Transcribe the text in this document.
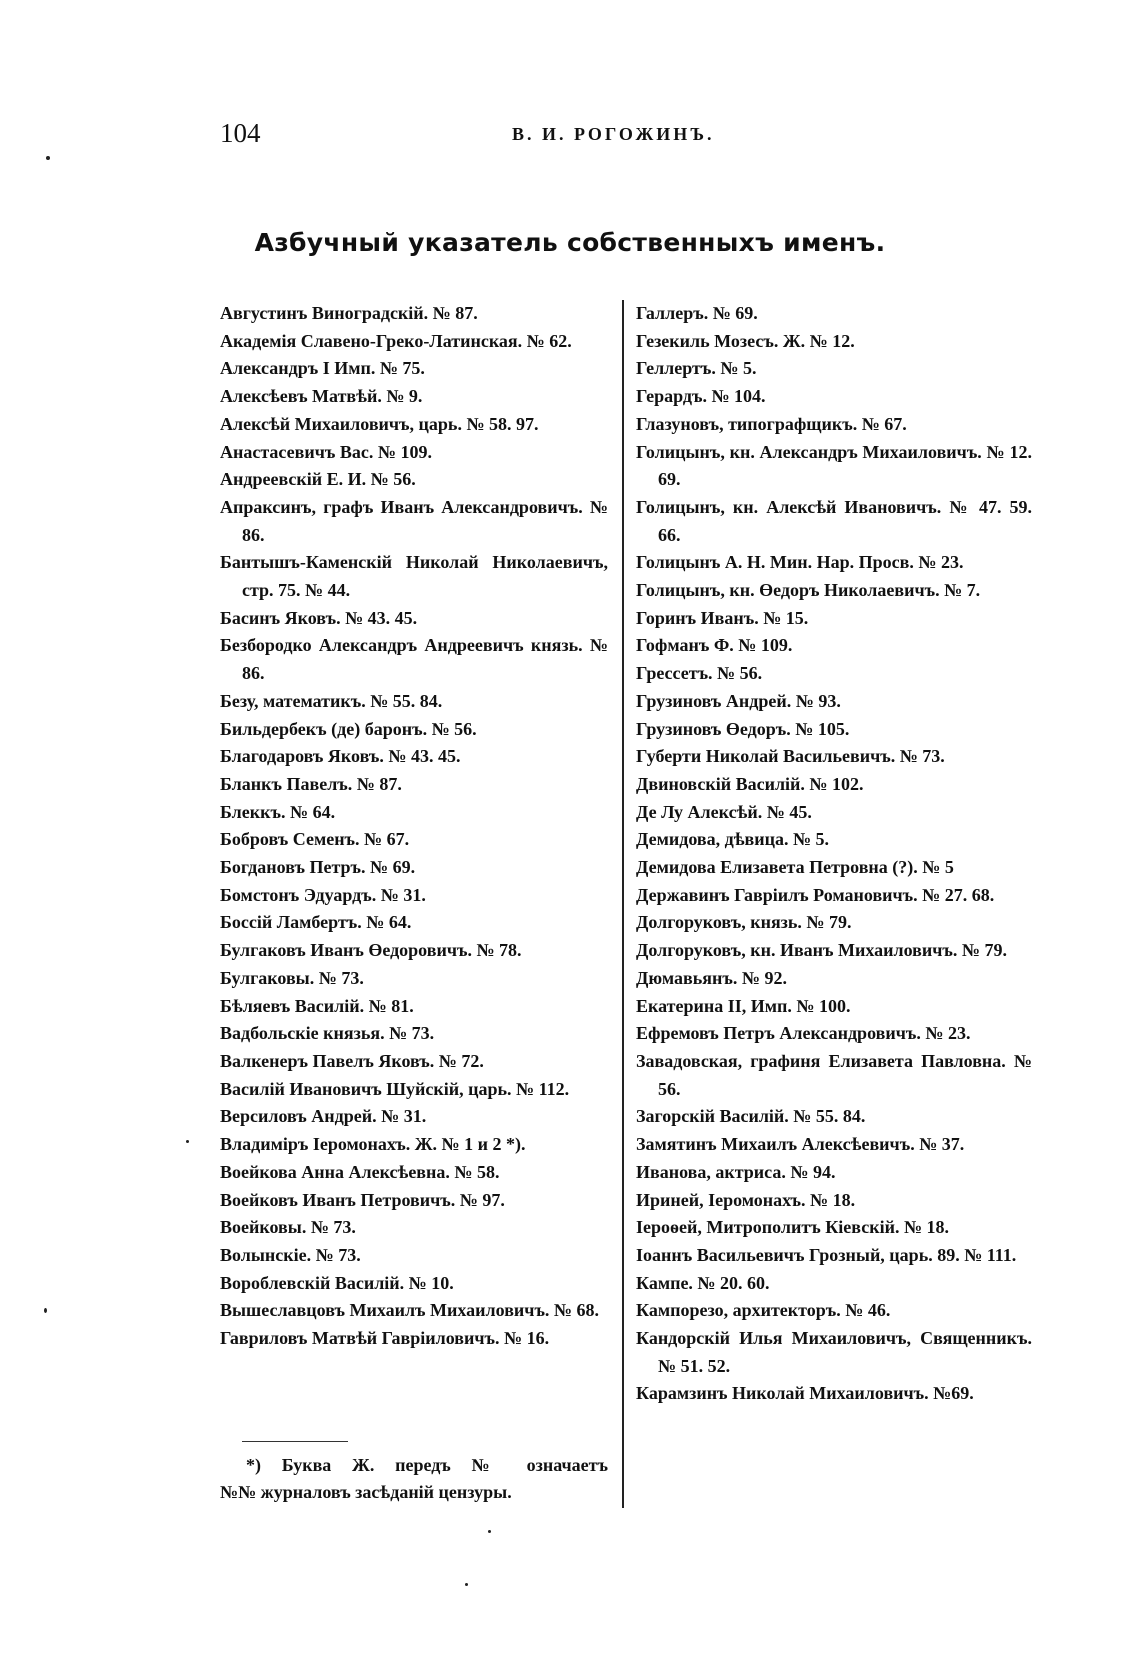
104	В. И. РОГОЖИНЪ.
Азбучный указатель собственныхъ именъ.
Августинъ Виноградскій. № 87.
Академія Славено-Греко-Латинская. № 62.
Александръ I Имп. № 75.
Алексѣевъ Матвѣй. № 9.
Алексѣй Михаиловичъ, царь. № 58. 97.
Анастасевичъ Вас. № 109.
Андреевскій Е. И. № 56.
Апраксинъ, графъ Иванъ Александровичъ. № 86.
Бантышъ-Каменскій Николай Николаевичъ, стр. 75. № 44.
Басинъ Яковъ. № 43. 45.
Безбородко Александръ Андреевичъ князь. № 86.
Безу, математикъ. № 55. 84.
Бильдербекъ (де) баронъ. № 56.
Благодаровъ Яковъ. № 43. 45.
Бланкъ Павелъ. № 87.
Блеккъ. № 64.
Бобровъ Семенъ. № 67.
Богдановъ Петръ. № 69.
Бомстонъ Эдуардъ. № 31.
Боссій Ламбертъ. № 64.
Булгаковъ Иванъ Өедоровичъ. № 78.
Булгаковы. № 73.
Бѣляевъ Василій. № 81.
Вадбольскіе князья. № 73.
Валкенеръ Павелъ Яковъ. № 72.
Василій Ивановичъ Шуйскій, царь. № 112.
Версиловъ Андрей. № 31.
Владиміръ Іеромонахъ. Ж. № 1 и 2 *).
Воейкова Анна Алексѣевна. № 58.
Воейковъ Иванъ Петровичъ. № 97.
Воейковы. № 73.
Волынскіе. № 73.
Вороблевскій Василій. № 10.
Вышеславцовъ Михаилъ Михаиловичъ. № 68.
Гавриловъ Матвѣй Гавріиловичъ. № 16.
Галлеръ. № 69.
Гезекиль Мозесъ. Ж. № 12.
Геллертъ. № 5.
Герардъ. № 104.
Глазуновъ, типографщикъ. № 67.
Голицынъ, кн. Александръ Михаиловичъ. № 12. 69.
Голицынъ, кн. Алексѣй Ивановичъ. № 47. 59. 66.
Голицынъ А. Н. Мин. Нар. Просв. № 23.
Голицынъ, кн. Өедоръ Николаевичъ. № 7.
Горинъ Иванъ. № 15.
Гофманъ Ф. № 109.
Грессетъ. № 56.
Грузиновъ Андрей. № 93.
Грузиновъ Өедоръ. № 105.
Губерти Николай Васильевичъ. № 73.
Двиновскій Василій. № 102.
Де Лу Алексѣй. № 45.
Демидова, дѣвица. № 5.
Демидова Елизавета Петровна (?). № 5
Державинъ Гавріилъ Романовичъ. № 27. 68.
Долгоруковъ, князь. № 79.
Долгоруковъ, кн. Иванъ Михаиловичъ. № 79.
Дюмавьянъ. № 92.
Екатерина II, Имп. № 100.
Ефремовъ Петръ Александровичъ. № 23.
Завадовская, графиня Елизавета Павловна. № 56.
Загорскій Василій. № 55. 84.
Замятинъ Михаилъ Алексѣевичъ. № 37.
Иванова, актриса. № 94.
Ириней, Іеромонахъ. № 18.
Іероѳей, Митрополитъ Кіевскій. № 18.
Іоаннъ Васильевичъ Грозный, царь. 89. № 111.
Кампе. № 20. 60.
Кампорезо, архитекторъ. № 46.
Кандорскій Илья Михаиловичъ, Священникъ. № 51. 52.
Карамзинъ Николай Михаиловичъ. №69.

*) Буква Ж. передъ № означаетъ

№№ журналовъ засѣданій цензуры.
